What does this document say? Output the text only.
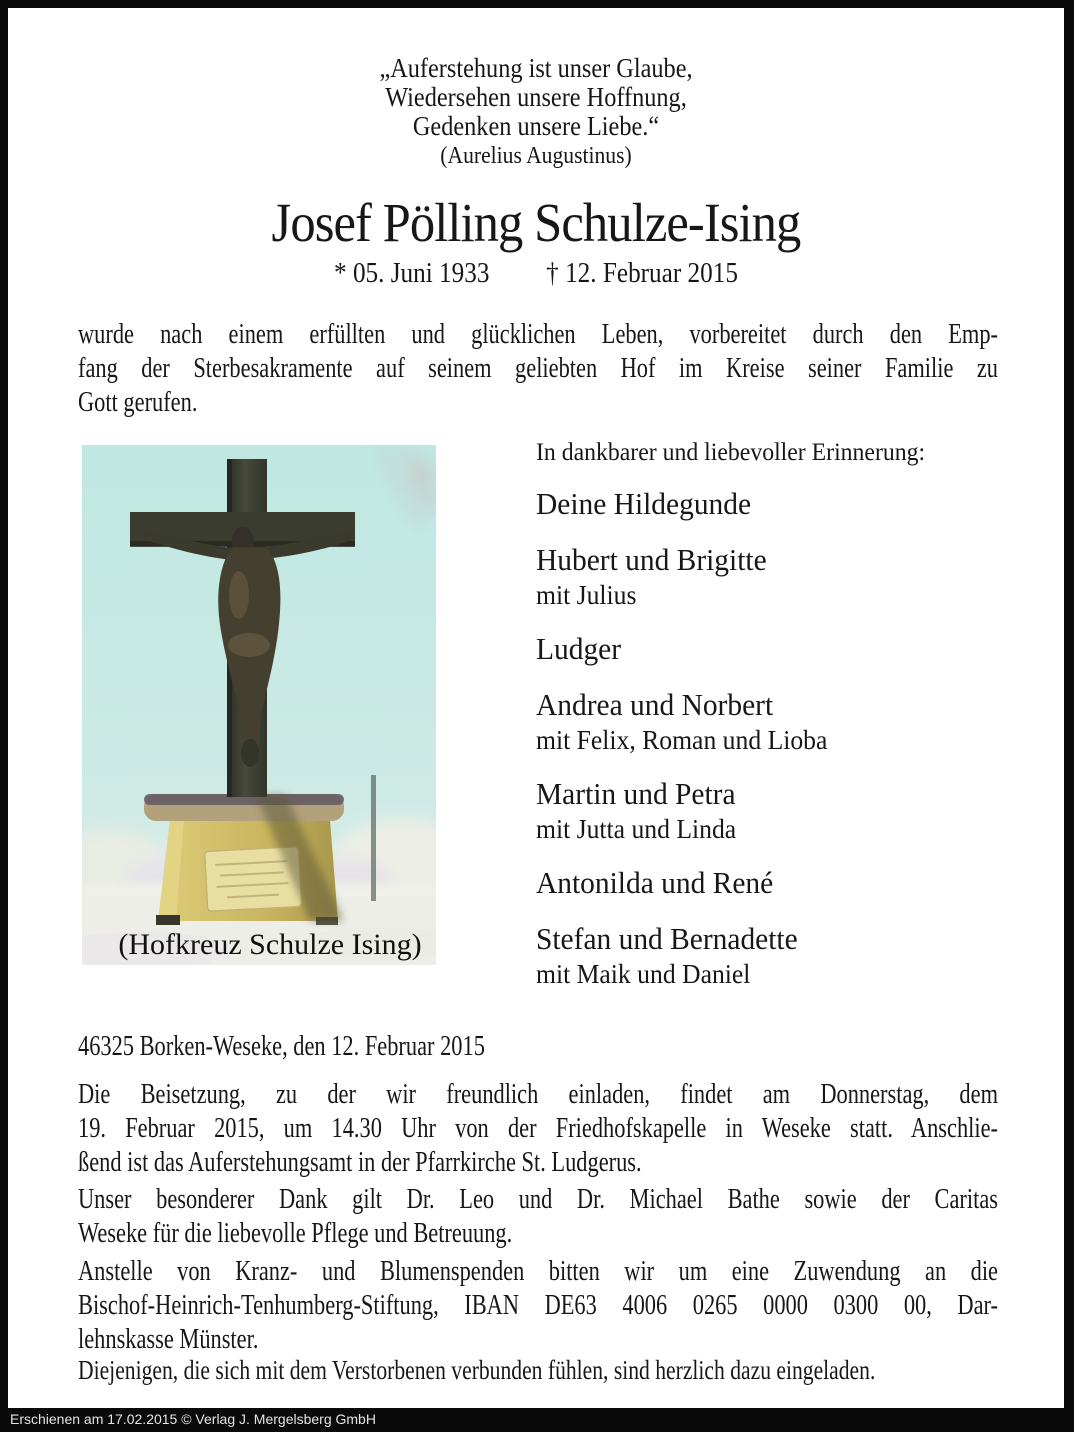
„Auferstehung ist unser Glaube,
Wiedersehen unsere Hoffnung,
Gedenken unsere Liebe.“
(Aurelius Augustinus)
Josef Pölling Schulze-Ising
* 05. Juni 1933 † 12. Februar 2015
wurde nach einem erfüllten und glücklichen Leben, vorbereitet durch den Emp-
fang der Sterbesakramente auf seinem geliebten Hof im Kreise seiner Familie zu
Gott gerufen.
(Hofkreuz Schulze Ising)
In dankbarer und liebevoller Erinnerung:
Deine Hildegunde
Hubert und Brigitte
mit Julius
Ludger
Andrea und Norbert
mit Felix, Roman und Lioba
Martin und Petra
mit Jutta und Linda
Antonilda und René
Stefan und Bernadette
mit Maik und Daniel
46325 Borken-Weseke, den 12. Februar 2015
Die Beisetzung, zu der wir freundlich einladen, findet am Donnerstag, dem
19. Februar 2015, um 14.30 Uhr von der Friedhofskapelle in Weseke statt. Anschlie-
ßend ist das Auferstehungsamt in der Pfarrkirche St. Ludgerus.
Unser besonderer Dank gilt Dr. Leo und Dr. Michael Bathe sowie der Caritas
Weseke für die liebevolle Pflege und Betreuung.
Anstelle von Kranz- und Blumenspenden bitten wir um eine Zuwendung an die
Bischof-Heinrich-Tenhumberg-Stiftung, IBAN DE63 4006 0265 0000 0300 00, Dar-
lehnskasse Münster.
Diejenigen, die sich mit dem Verstorbenen verbunden fühlen, sind herzlich dazu eingeladen.
Erschienen am 17.02.2015 © Verlag J. Mergelsberg GmbH
